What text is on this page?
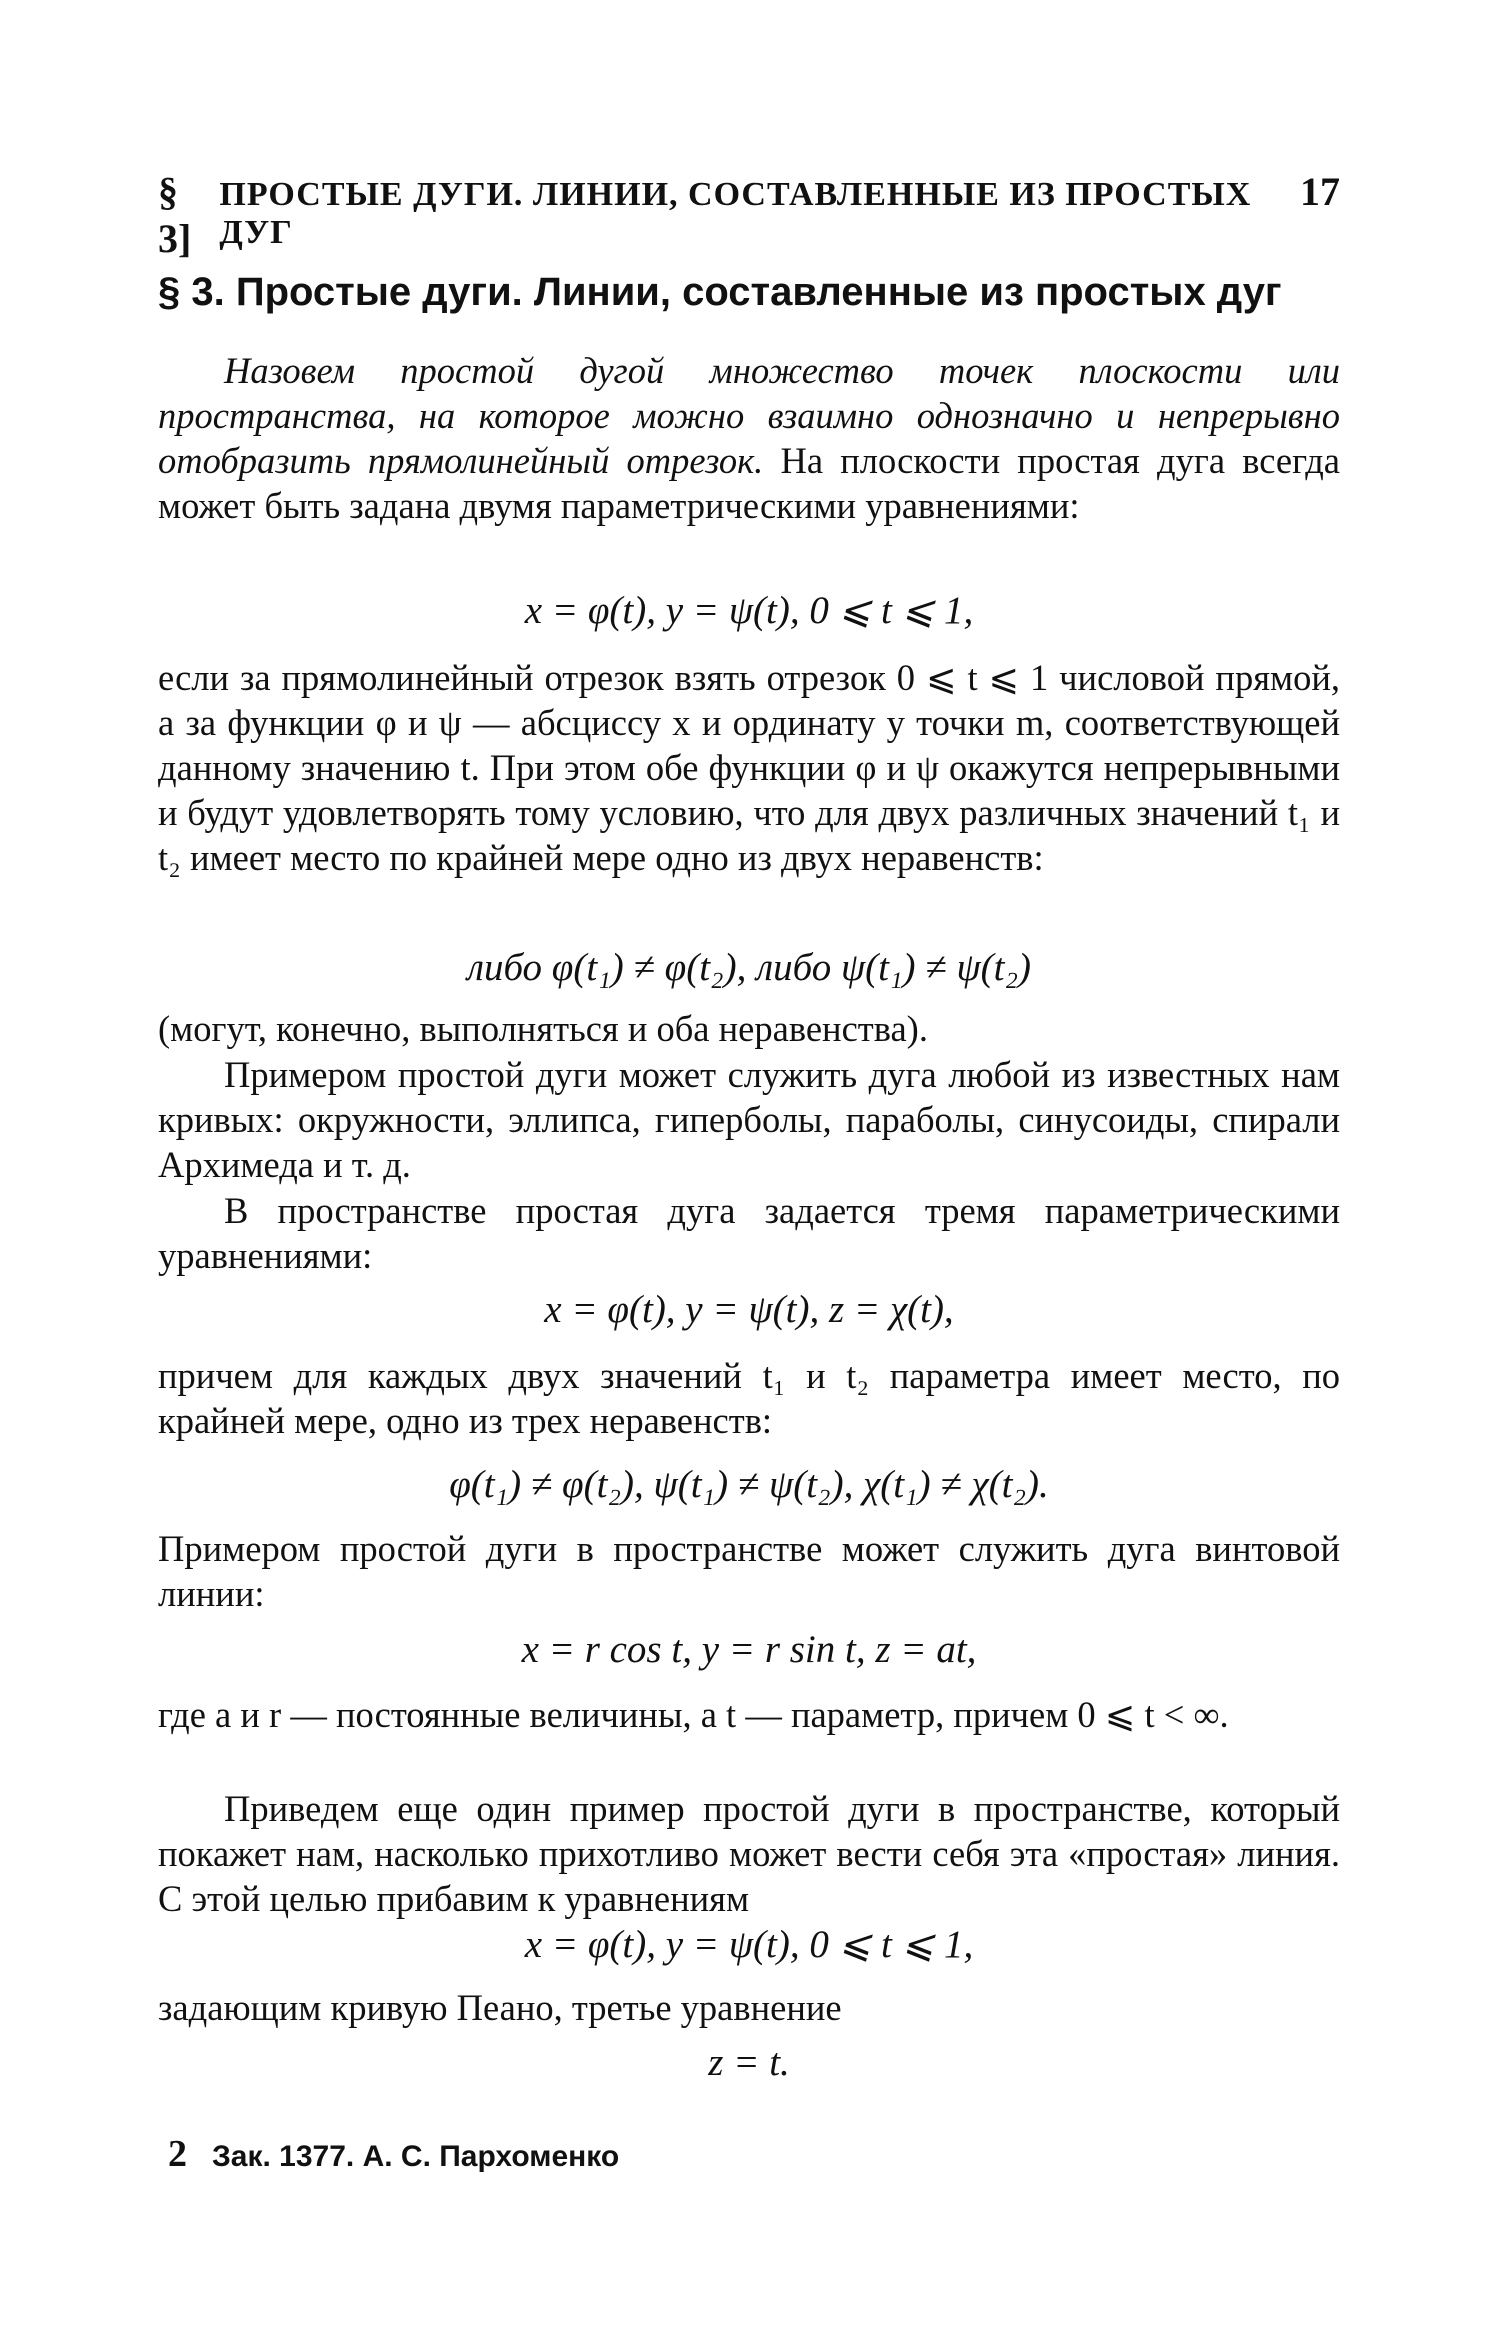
§ 3]
ПРОСТЫЕ ДУГИ. ЛИНИИ, СОСТАВЛЕННЫЕ ИЗ ПРОСТЫХ ДУГ
17
§ 3. Простые дуги. Линии, составленные из простых дуг
Назовем простой дугой множество точек плоскости или пространства, на которое можно взаимно однозначно и непрерывно отобразить прямолинейный отрезок. На плоскости простая дуга всегда может быть задана двумя параметрическими уравнениями:
x = φ(t), y = ψ(t), 0 ⩽ t ⩽ 1,
если за прямолинейный отрезок взять отрезок 0 ⩽ t ⩽ 1 числовой прямой, а за функции φ и ψ — абсциссу x и ординату y точки m, соответствующей данному значению t. При этом обе функции φ и ψ окажутся непрерывными и будут удовлетворять тому условию, что для двух различных значений t₁ и t₂ имеет место по крайней мере одно из двух неравенств:
либо φ(t₁) ≠ φ(t₂), либо ψ(t₁) ≠ ψ(t₂)
(могут, конечно, выполняться и оба неравенства).
Примером простой дуги может служить дуга любой из известных нам кривых: окружности, эллипса, гиперболы, параболы, синусоиды, спирали Архимеда и т. д.
В пространстве простая дуга задается тремя параметрическими уравнениями:
x = φ(t), y = ψ(t), z = χ(t),
причем для каждых двух значений t₁ и t₂ параметра имеет место, по крайней мере, одно из трех неравенств:
φ(t₁) ≠ φ(t₂), ψ(t₁) ≠ ψ(t₂), χ(t₁) ≠ χ(t₂).
Примером простой дуги в пространстве может служить дуга винтовой линии:
x = r cos t, y = r sin t, z = at,
где a и r — постоянные величины, а t — параметр, причем 0 ⩽ t < ∞.
Приведем еще один пример простой дуги в пространстве, который покажет нам, насколько прихотливо может вести себя эта «простая» линия. С этой целью прибавим к уравнениям
x = φ(t), y = ψ(t), 0 ⩽ t ⩽ 1,
задающим кривую Пеано, третье уравнение
z = t.
2 Зак. 1377. А. С. Пархоменко
